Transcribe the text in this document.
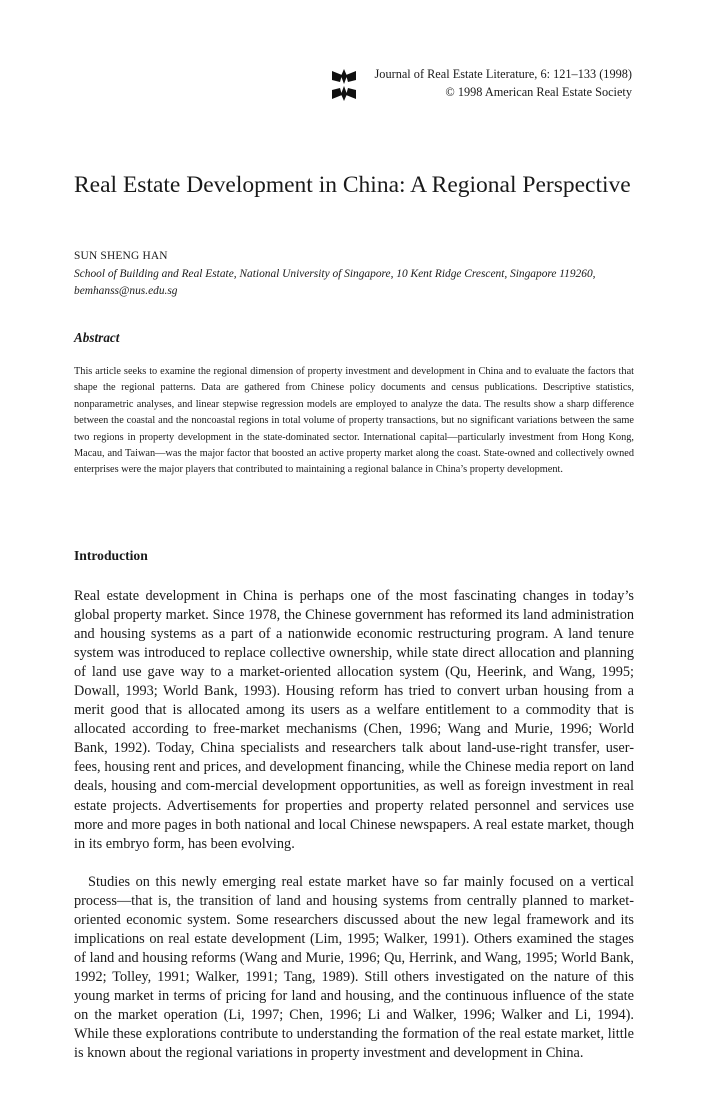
Journal of Real Estate Literature, 6: 121–133 (1998)
© 1998 American Real Estate Society
Real Estate Development in China: A Regional Perspective
SUN SHENG HAN
School of Building and Real Estate, National University of Singapore, 10 Kent Ridge Crescent, Singapore 119260, bemhanss@nus.edu.sg
Abstract

This article seeks to examine the regional dimension of property investment and development in China and to evaluate the factors that shape the regional patterns. Data are gathered from Chinese policy documents and census publications. Descriptive statistics, nonparametric analyses, and linear stepwise regression models are employed to analyze the data. The results show a sharp difference between the coastal and the noncoastal regions in total volume of property transactions, but no significant variations between the same two regions in property development in the state-dominated sector. International capital—particularly investment from Hong Kong, Macau, and Taiwan—was the major factor that boosted an active property market along the coast. State-owned and collectively owned enterprises were the major players that contributed to maintaining a regional balance in China’s property development.

Introduction

Real estate development in China is perhaps one of the most fascinating changes in today’s global property market. Since 1978, the Chinese government has reformed its land administration and housing systems as a part of a nationwide economic restructuring program. A land tenure system was introduced to replace collective ownership, while state direct allocation and planning of land use gave way to a market-oriented allocation system (Qu, Heerink, and Wang, 1995; Dowall, 1993; World Bank, 1993). Housing reform has tried to convert urban housing from a merit good that is allocated among its users as a welfare entitlement to a commodity that is allocated according to free-market mechanisms (Chen, 1996; Wang and Murie, 1996; World Bank, 1992). Today, China specialists and researchers talk about land-use-right transfer, user-fees, housing rent and prices, and development financing, while the Chinese media report on land deals, housing and com-mercial development opportunities, as well as foreign investment in real estate projects. Advertisements for properties and property related personnel and services use more and more pages in both national and local Chinese newspapers. A real estate market, though in its embryo form, has been evolving.

Studies on this newly emerging real estate market have so far mainly focused on a vertical process—that is, the transition of land and housing systems from centrally planned to market-oriented economic system. Some researchers discussed about the new legal framework and its implications on real estate development (Lim, 1995; Walker, 1991). Others examined the stages of land and housing reforms (Wang and Murie, 1996; Qu, Herrink, and Wang, 1995; World Bank, 1992; Tolley, 1991; Walker, 1991; Tang, 1989). Still others investigated on the nature of this young market in terms of pricing for land and housing, and the continuous influence of the state on the market operation (Li, 1997; Chen, 1996; Li and Walker, 1996; Walker and Li, 1994). While these explorations contribute to understanding the formation of the real estate market, little is known about the regional variations in property investment and development in China.
